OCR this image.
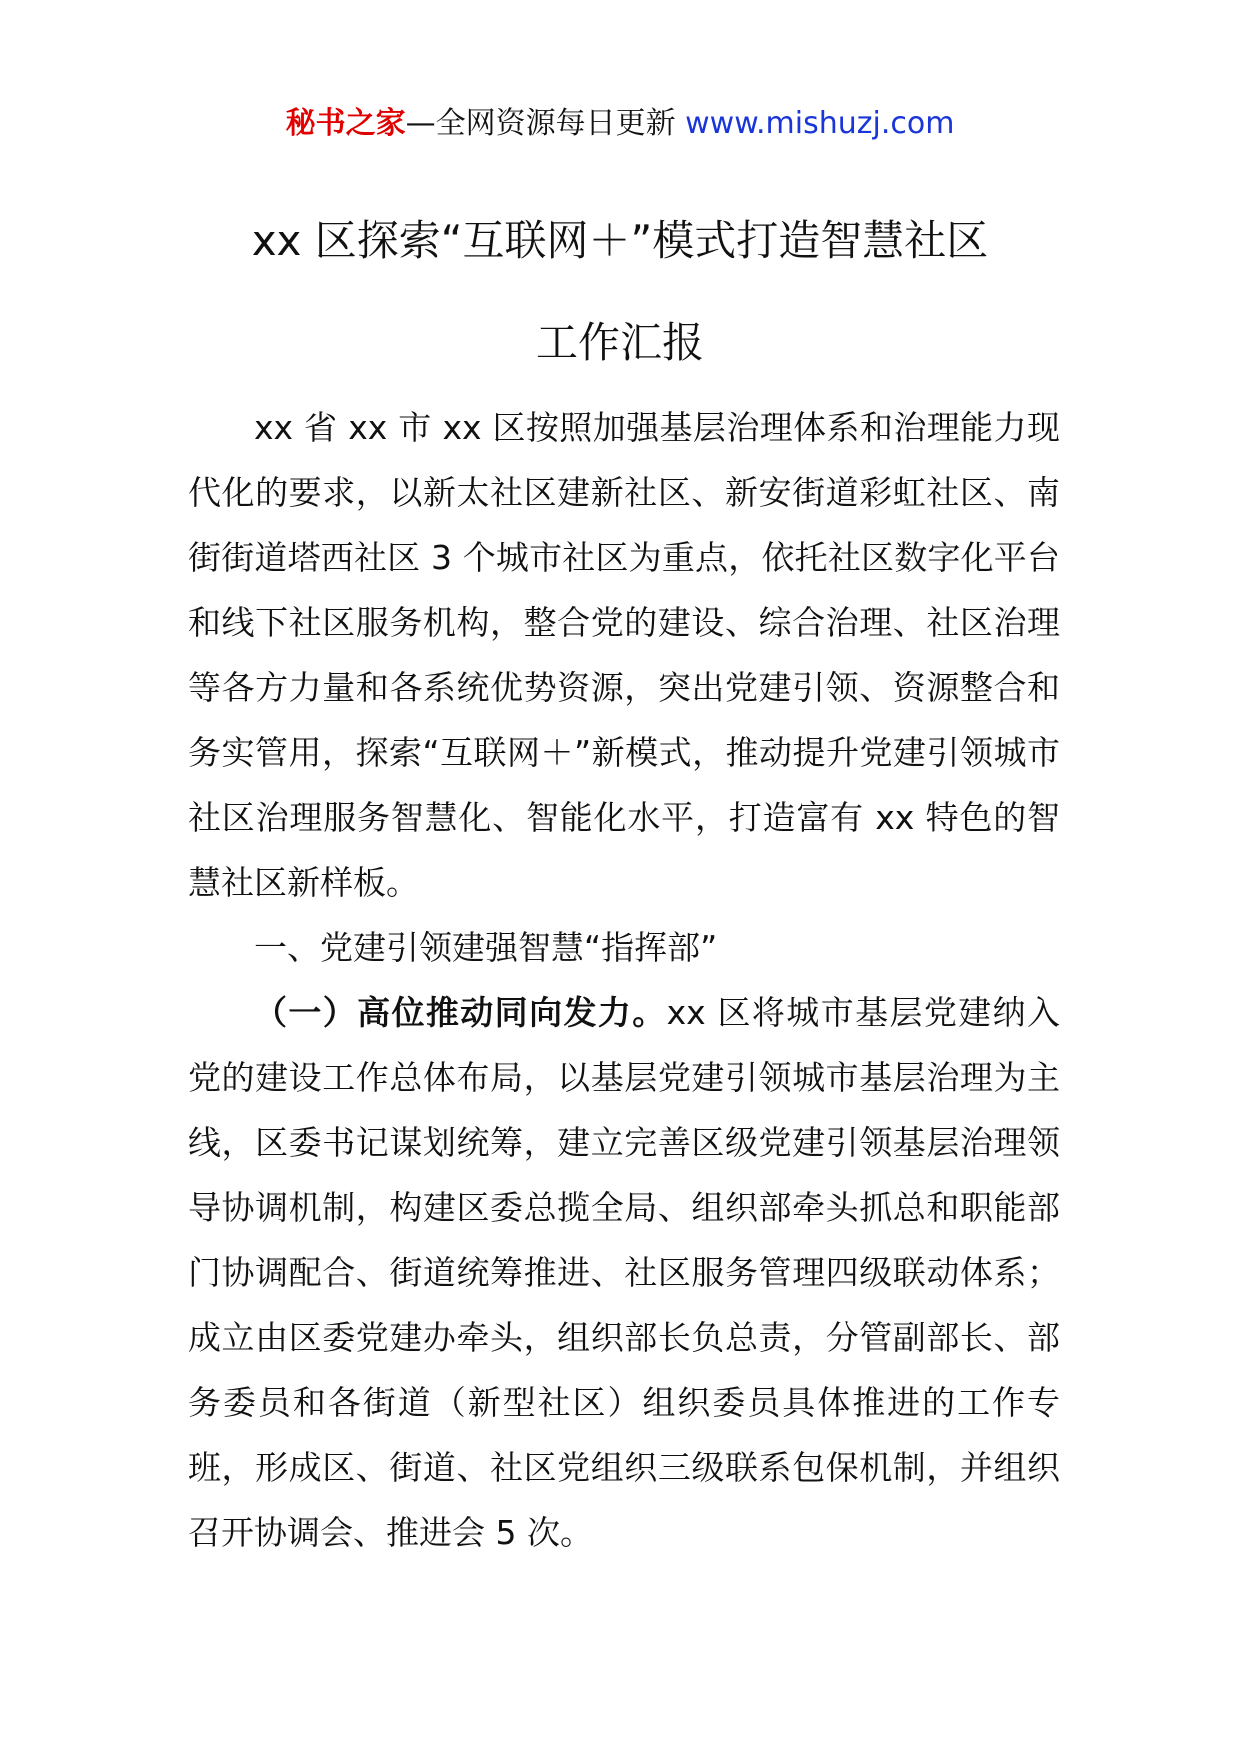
秘书之家—全网资源每日更新 www.mishuzj.com
xx 区探索“互联网＋”模式打造智慧社区
工作汇报

xx 省 xx 市 xx 区按照加强基层治理体系和治理能力现代化的要求，以新太社区建新社区、新安街道彩虹社区、南街街道塔西社区 3 个城市社区为重点，依托社区数字化平台和线下社区服务机构，整合党的建设、综合治理、社区治理等各方力量和各系统优势资源，突出党建引领、资源整合和务实管用，探索“互联网＋”新模式，推动提升党建引领城市社区治理服务智慧化、智能化水平，打造富有 xx 特色的智慧社区新样板。

一、党建引领建强智慧“指挥部”

（一）高位推动同向发力。xx 区将城市基层党建纳入党的建设工作总体布局，以基层党建引领城市基层治理为主线，区委书记谋划统筹，建立完善区级党建引领基层治理领导协调机制，构建区委总揽全局、组织部牵头抓总和职能部门协调配合、街道统筹推进、社区服务管理四级联动体系；成立由区委党建办牵头，组织部长负总责，分管副部长、部务委员和各街道（新型社区）组织委员具体推进的工作专班，形成区、街道、社区党组织三级联系包保机制，并组织召开协调会、推进会 5 次。
